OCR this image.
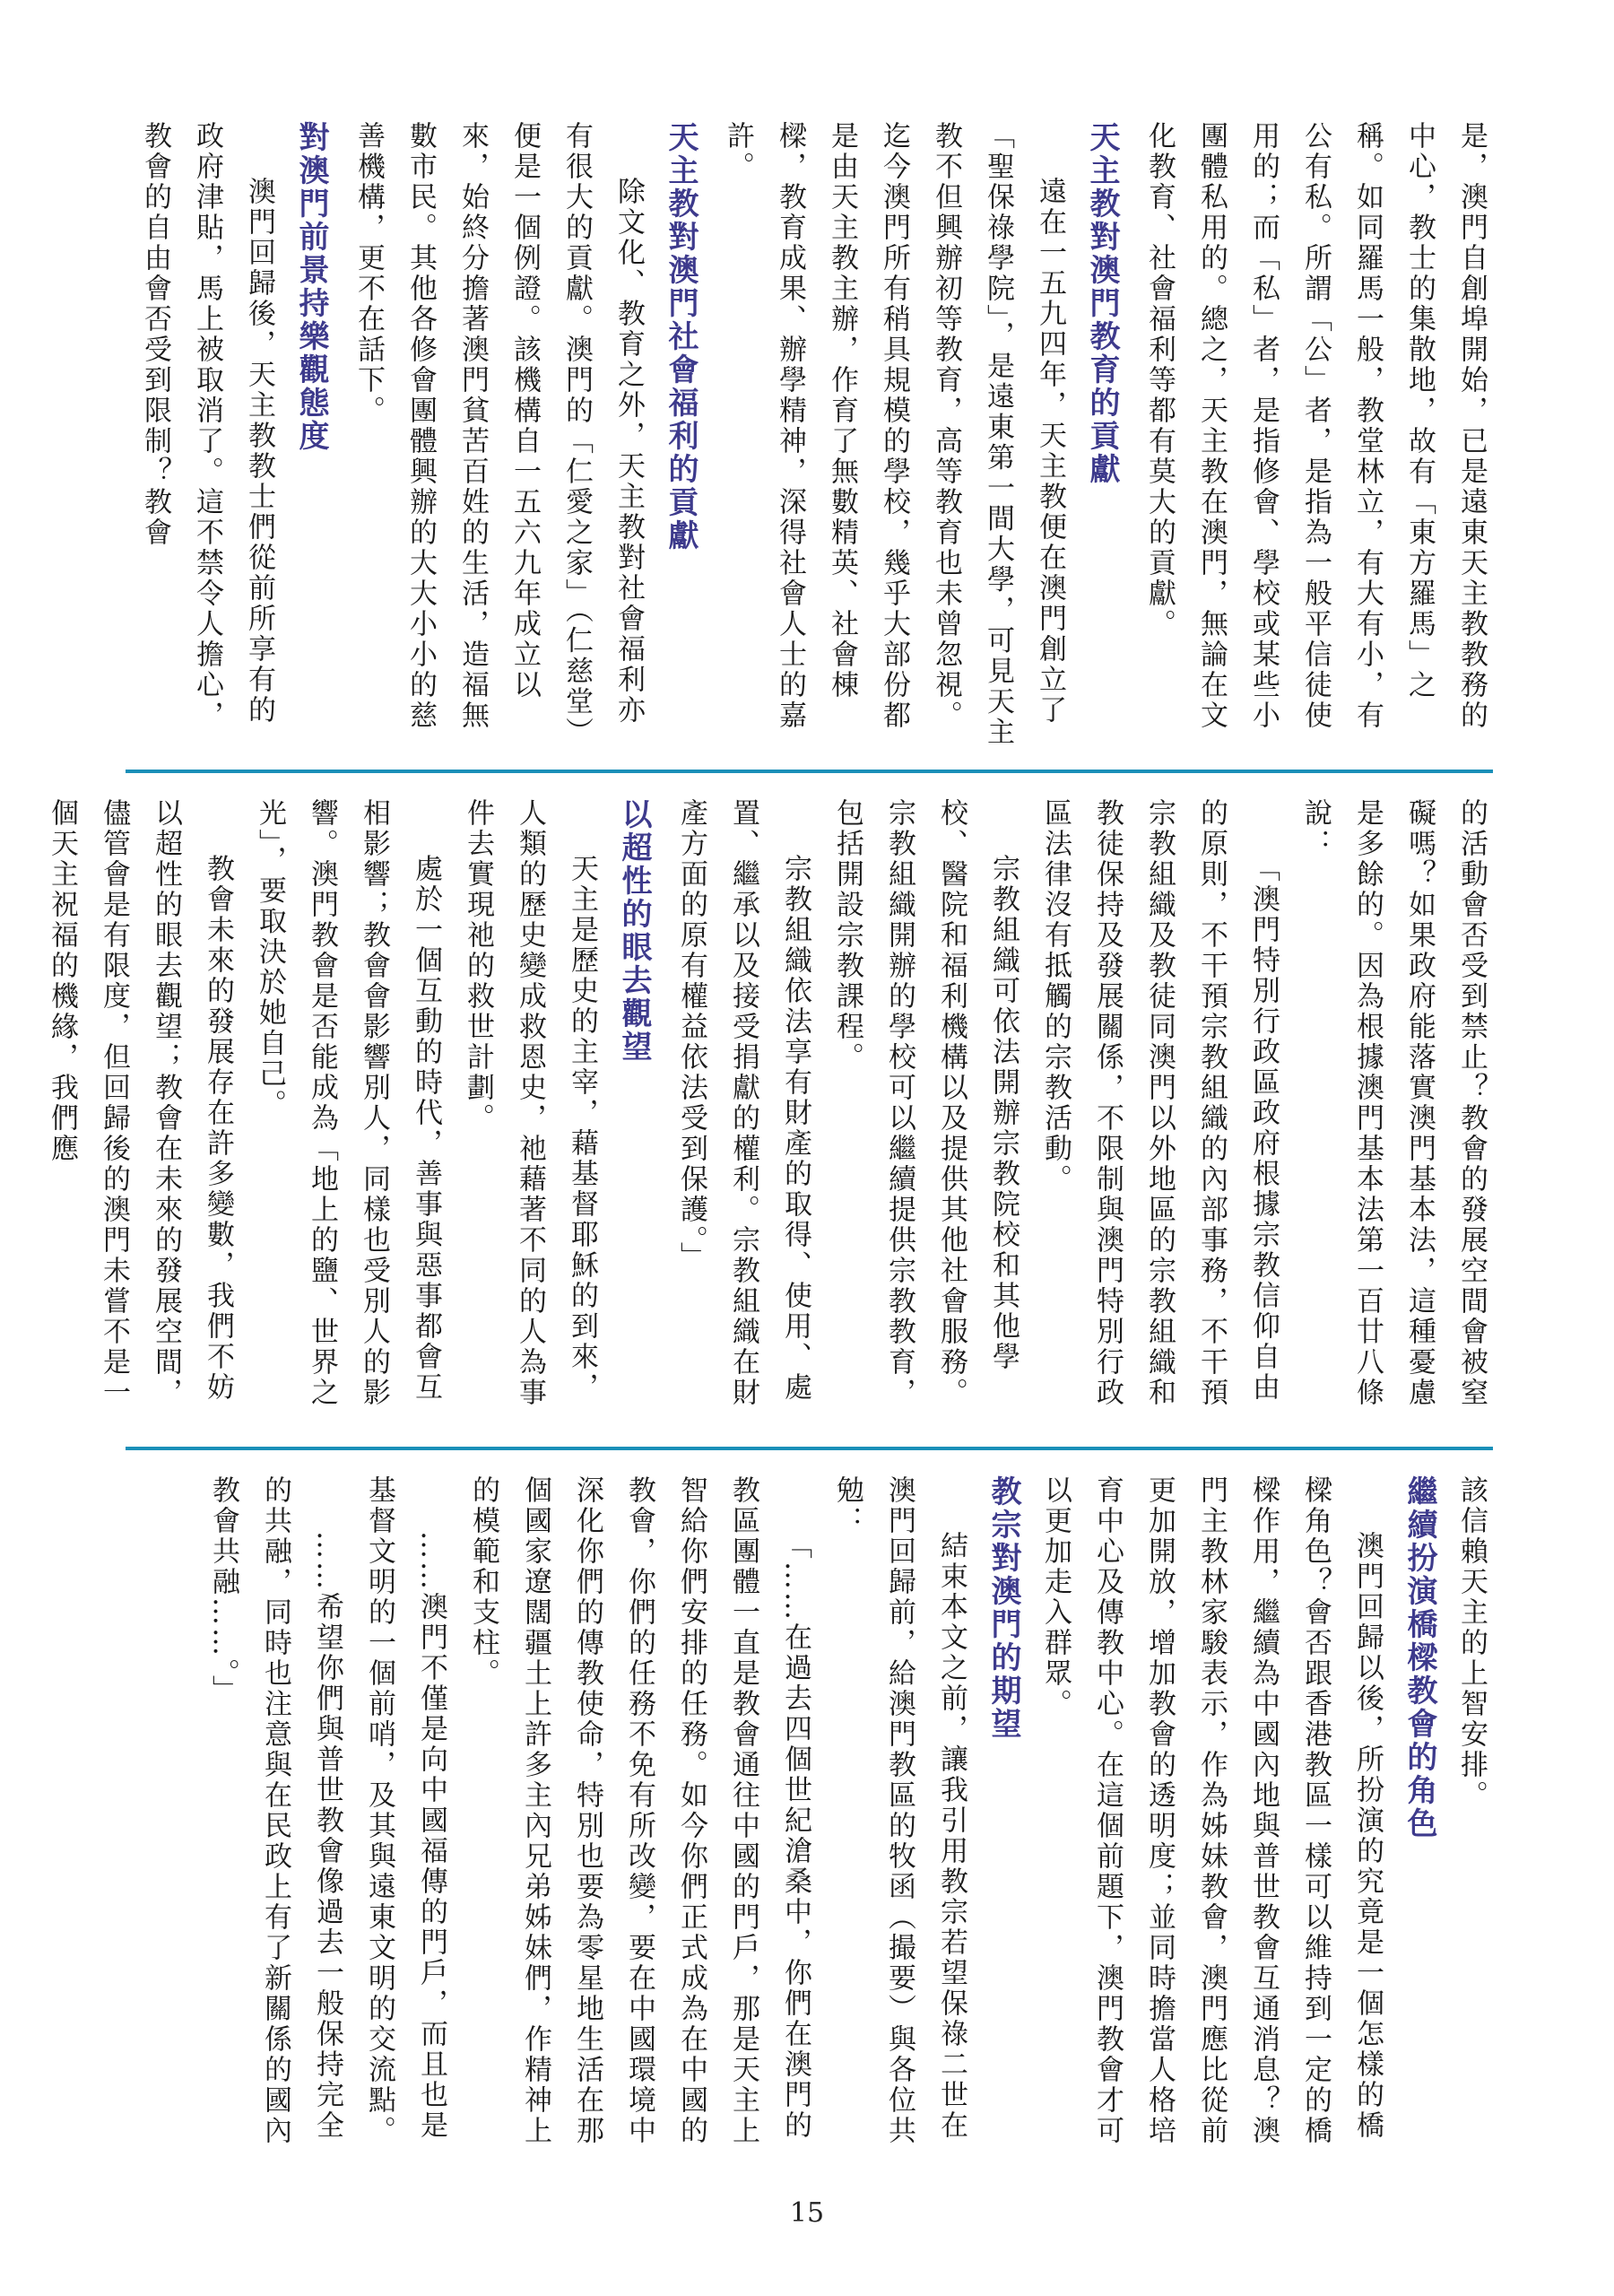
是，澳門自創埠開始，已是遠東天主教教務的中心，教士的集散地，故有「東方羅馬」之稱。如同羅馬一般，教堂林立，有大有小，有公有私。所謂「公」者，是指為一般平信徒使用的；而「私」者，是指修會、學校或某些小團體私用的。總之，天主教在澳門，無論在文化教育、社會福利等都有莫大的貢獻。

天主教對澳門教育的貢獻

遠在一五九四年，天主教便在澳門創立了「聖保祿學院」，是遠東第一間大學，可見天主教不但興辦初等教育，高等教育也未曾忽視。迄今澳門所有稍具規模的學校，幾乎大部份都是由天主教主辦，作育了無數精英、社會棟樑，教育成果、辦學精神，深得社會人士的嘉許。

天主教對澳門社會福利的貢獻

除文化、教育之外，天主教對社會福利亦有很大的貢獻。澳門的「仁愛之家」（仁慈堂）便是一個例證。該機構自一五六九年成立以來，始終分擔著澳門貧苦百姓的生活，造福無數市民。其他各修會團體興辦的大大小小的慈善機構，更不在話下。

對澳門前景持樂觀態度

澳門回歸後，天主教教士們從前所享有的政府津貼，馬上被取消了。這不禁令人擔心，教會的自由會否受到限制？教會

的活動會否受到禁止？教會的發展空間會被窒礙嗎？如果政府能落實澳門基本法，這種憂慮是多餘的。因為根據澳門基本法第一百廿八條說：

「澳門特別行政區政府根據宗教信仰自由的原則，不干預宗教組織的內部事務，不干預宗教組織及教徒同澳門以外地區的宗教組織和教徒保持及發展關係，不限制與澳門特別行政區法律沒有抵觸的宗教活動。

宗教組織可依法開辦宗教院校和其他學校、醫院和福利機構以及提供其他社會服務。宗教組織開辦的學校可以繼續提供宗教教育，包括開設宗教課程。

宗教組織依法享有財產的取得、使用、處置、繼承以及接受捐獻的權利。宗教組織在財產方面的原有權益依法受到保護。」

以超性的眼去觀望

天主是歷史的主宰，藉基督耶穌的到來，人類的歷史變成救恩史，祂藉著不同的人為事件去實現祂的救世計劃。

處於一個互動的時代，善事與惡事都會互相影響；教會會影響別人，同樣也受別人的影響。澳門教會是否能成為「地上的鹽、世界之光」，要取決於她自己。

教會未來的發展存在許多變數，我們不妨以超性的眼去觀望；教會在未來的發展空間，儘管會是有限度，但回歸後的澳門未嘗不是一個天主祝福的機緣，我們應

該信賴天主的上智安排。

繼續扮演橋樑教會的角色

澳門回歸以後，所扮演的究竟是一個怎樣的橋樑角色？會否跟香港教區一樣可以維持到一定的橋樑作用，繼續為中國內地與普世教會互通消息？澳門主教林家駿表示，作為姊妹教會，澳門應比從前更加開放，增加教會的透明度；並同時擔當人格培育中心及傳教中心。在這個前題下，澳門教會才可以更加走入群眾。

教宗對澳門的期望

結束本文之前，讓我引用教宗若望保祿二世在澳門回歸前，給澳門教區的牧函（撮要）與各位共勉：

「……在過去四個世紀滄桑中，你們在澳門的教區團體一直是教會通往中國的門戶，那是天主上智給你們安排的任務。如今你們正式成為在中國的教會，你們的任務不免有所改變，要在中國環境中深化你們的傳教使命，特別也要為零星地生活在那個國家遼闊疆土上許多主內兄弟姊妹們，作精神上的模範和支柱。

……澳門不僅是向中國福傳的門戶，而且也是基督文明的一個前哨，及其與遠東文明的交流點。

……希望你們與普世教會像過去一般保持完全的共融，同時也注意與在民政上有了新關係的國內教會共融……。」

15
